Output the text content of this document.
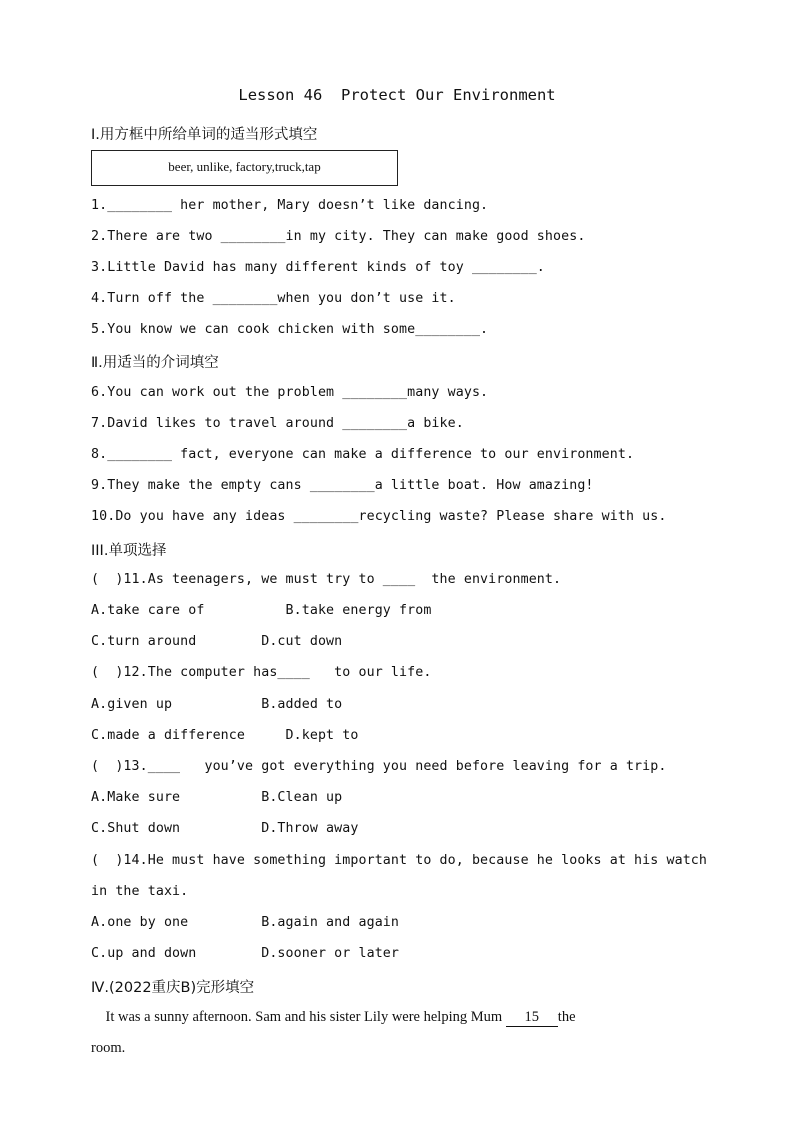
Lesson 46  Protect Our Environment
Ⅰ.用方框中所给单词的适当形式填空
beer, unlike, factory,truck,tap
1.________ her mother, Mary doesn’t like dancing.
2.There are two ________in my city. They can make good shoes.
3.Little David has many different kinds of toy ________.
4.Turn off the ________when you don’t use it.
5.You know we can cook chicken with some________.
Ⅱ.用适当的介词填空
6.You can work out the problem ________many ways.
7.David likes to travel around ________a bike.
8.________ fact, everyone can make a difference to our environment.
9.They make the empty cans ________a little boat. How amazing!
10.Do you have any ideas ________recycling waste? Please share with us.
III.单项选择
(  )11.As teenagers, we must try to ____  the environment.
A.take care of          B.take energy from
C.turn around        D.cut down
(  )12.The computer has____   to our life.
A.given up           B.added to
C.made a difference     D.kept to
(  )13.____   you’ve got everything you need before leaving for a trip.
A.Make sure          B.Clean up
C.Shut down          D.Throw away
(  )14.He must have something important to do, because he looks at his watch
in the taxi.
A.one by one         B.again and again
C.up and down        D.sooner or later
Ⅳ.(2022重庆B)完形填空
It was a sunny afternoon. Sam and his sister Lily were helping Mum 15 the
room.
